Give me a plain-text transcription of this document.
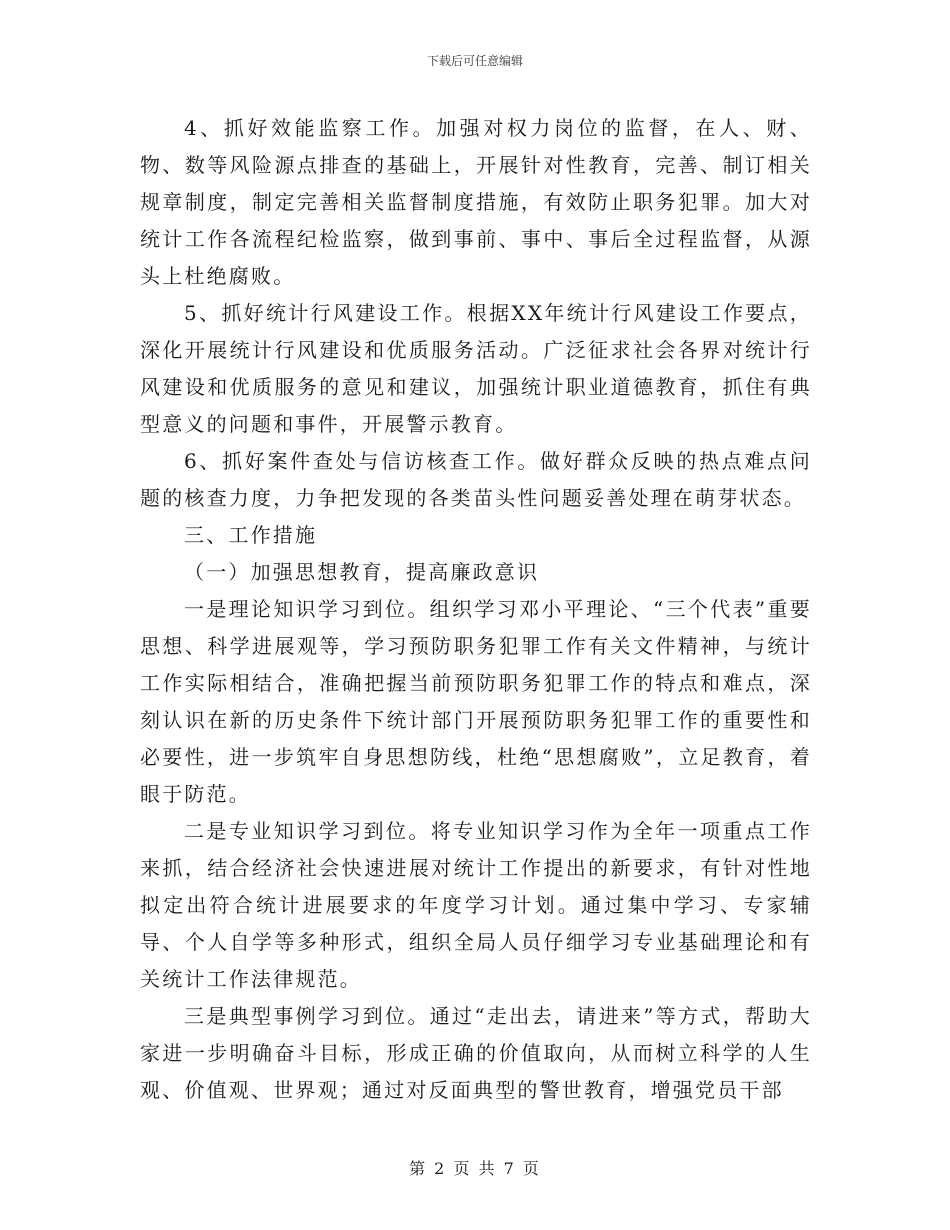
下载后可任意编辑

4、抓好效能监察工作。加强对权力岗位的监督，在人、财、物、数等风险源点排查的基础上，开展针对性教育，完善、制订相关规章制度，制定完善相关监督制度措施，有效防止职务犯罪。加大对统计工作各流程纪检监察，做到事前、事中、事后全过程监督，从源头上杜绝腐败。

5、抓好统计行风建设工作。根据XX年统计行风建设工作要点，深化开展统计行风建设和优质服务活动。广泛征求社会各界对统计行风建设和优质服务的意见和建议，加强统计职业道德教育，抓住有典型意义的问题和事件，开展警示教育。

6、抓好案件查处与信访核查工作。做好群众反映的热点难点问题的核查力度，力争把发现的各类苗头性问题妥善处理在萌芽状态。

三、工作措施

（一）加强思想教育，提高廉政意识

一是理论知识学习到位。组织学习邓小平理论、“三个代表”重要思想、科学进展观等，学习预防职务犯罪工作有关文件精神，与统计工作实际相结合，准确把握当前预防职务犯罪工作的特点和难点，深刻认识在新的历史条件下统计部门开展预防职务犯罪工作的重要性和必要性，进一步筑牢自身思想防线，杜绝“思想腐败”，立足教育，着眼于防范。

二是专业知识学习到位。将专业知识学习作为全年一项重点工作来抓，结合经济社会快速进展对统计工作提出的新要求，有针对性地拟定出符合统计进展要求的年度学习计划。通过集中学习、专家辅导、个人自学等多种形式，组织全局人员仔细学习专业基础理论和有关统计工作法律规范。

三是典型事例学习到位。通过“走出去，请进来”等方式，帮助大家进一步明确奋斗目标，形成正确的价值取向，从而树立科学的人生观、价值观、世界观；通过对反面典型的警世教育，增强党员干部

第 2 页 共 7 页
